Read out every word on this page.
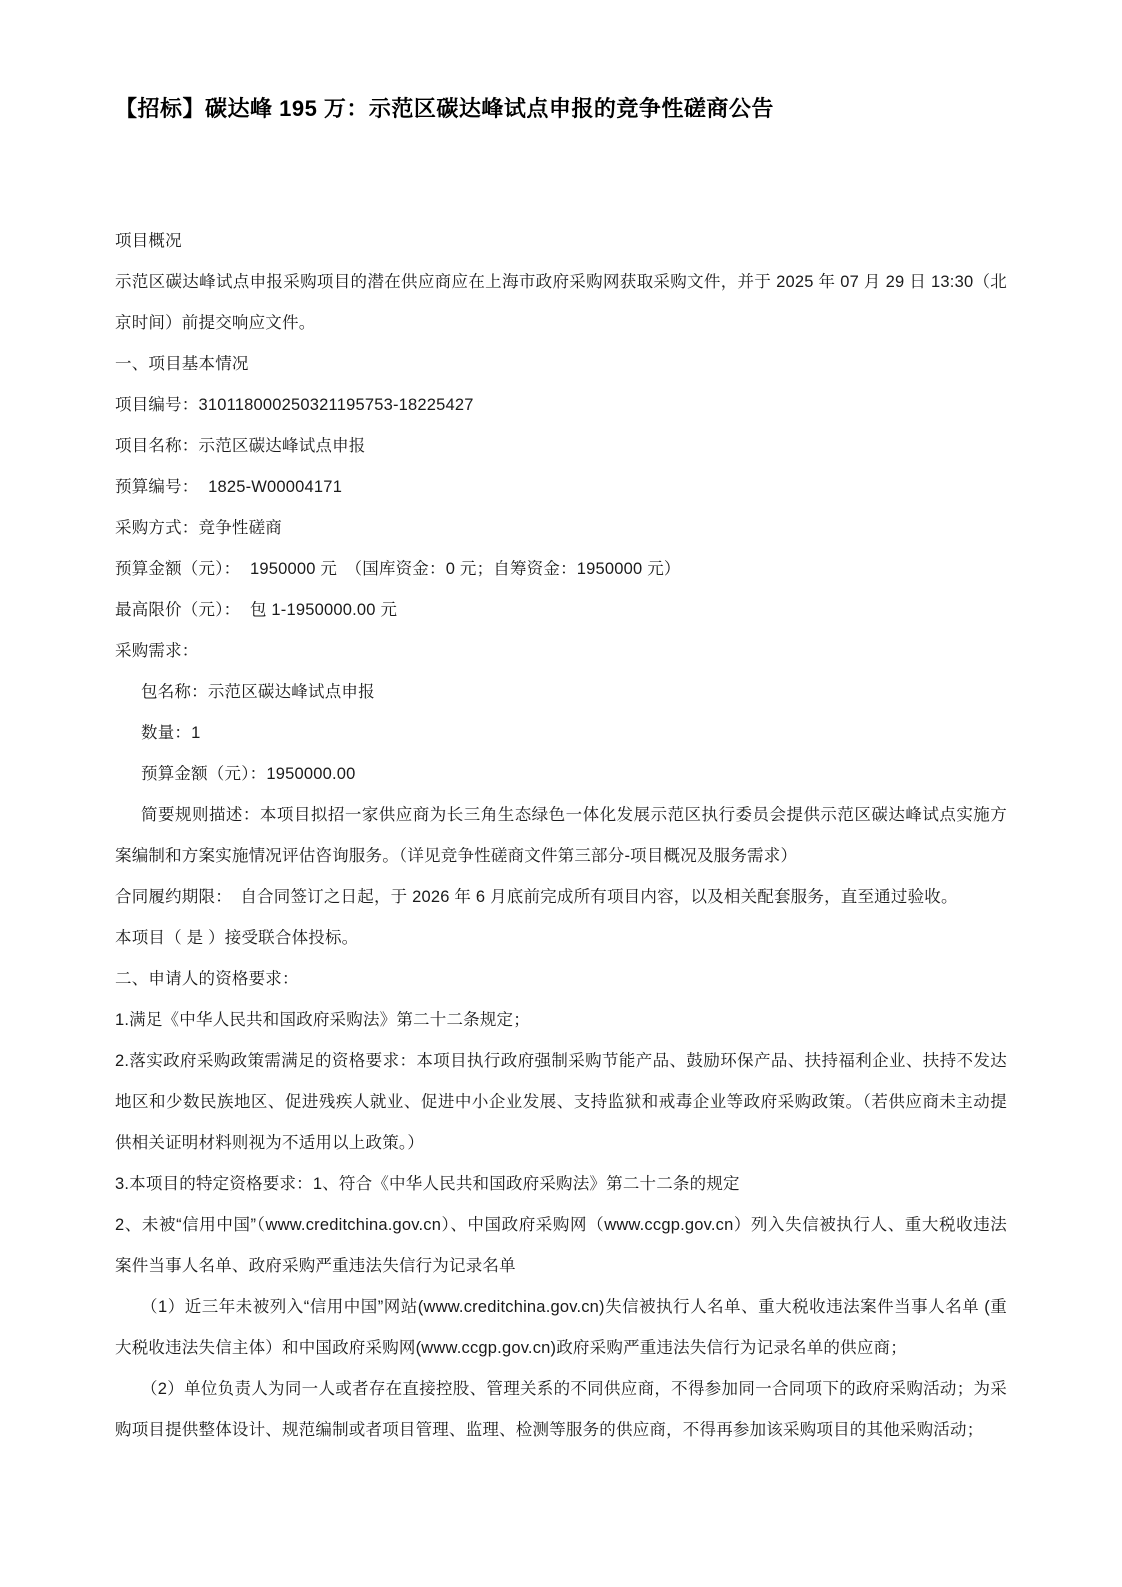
【招标】碳达峰 195 万：示范区碳达峰试点申报的竞争性磋商公告

项目概况

示范区碳达峰试点申报采购项目的潜在供应商应在上海市政府采购网获取采购文件，并于 2025 年 07 月 29 日 13:30（北京时间）前提交响应文件。

一、项目基本情况

项目编号：310118000250321195753-18225427

项目名称：示范区碳达峰试点申报

预算编号： 1825-W00004171

采购方式：竞争性磋商

预算金额（元）： 1950000 元　（国库资金：0 元；自筹资金：1950000 元）

最高限价（元）： 包 1-1950000.00 元

采购需求：

包名称：示范区碳达峰试点申报

数量：1

预算金额（元）：1950000.00

简要规则描述：本项目拟招一家供应商为长三角生态绿色一体化发展示范区执行委员会提供示范区碳达峰试点实施方案编制和方案实施情况评估咨询服务。（详见竞争性磋商文件第三部分-项目概况及服务需求）

合同履约期限：　自合同签订之日起，于 2026 年 6 月底前完成所有项目内容，以及相关配套服务，直至通过验收。

本项目（ 是 ）接受联合体投标。

二、申请人的资格要求：

1.满足《中华人民共和国政府采购法》第二十二条规定；

2.落实政府采购政策需满足的资格要求：本项目执行政府强制采购节能产品、鼓励环保产品、扶持福利企业、扶持不发达地区和少数民族地区、促进残疾人就业、促进中小企业发展、支持监狱和戒毒企业等政府采购政策。（若供应商未主动提供相关证明材料则视为不适用以上政策。）

3.本项目的特定资格要求：1、符合《中华人民共和国政府采购法》第二十二条的规定

2、未被“信用中国”（www.creditchina.gov.cn）、中国政府采购网（www.ccgp.gov.cn）列入失信被执行人、重大税收违法案件当事人名单、政府采购严重违法失信行为记录名单

（1）近三年未被列入“信用中国”网站(www.creditchina.gov.cn)失信被执行人名单、重大税收违法案件当事人名单 (重大税收违法失信主体）和中国政府采购网(www.ccgp.gov.cn)政府采购严重违法失信行为记录名单的供应商；

（2）单位负责人为同一人或者存在直接控股、管理关系的不同供应商，不得参加同一合同项下的政府采购活动；为采购项目提供整体设计、规范编制或者项目管理、监理、检测等服务的供应商，不得再参加该采购项目的其他采购活动；
